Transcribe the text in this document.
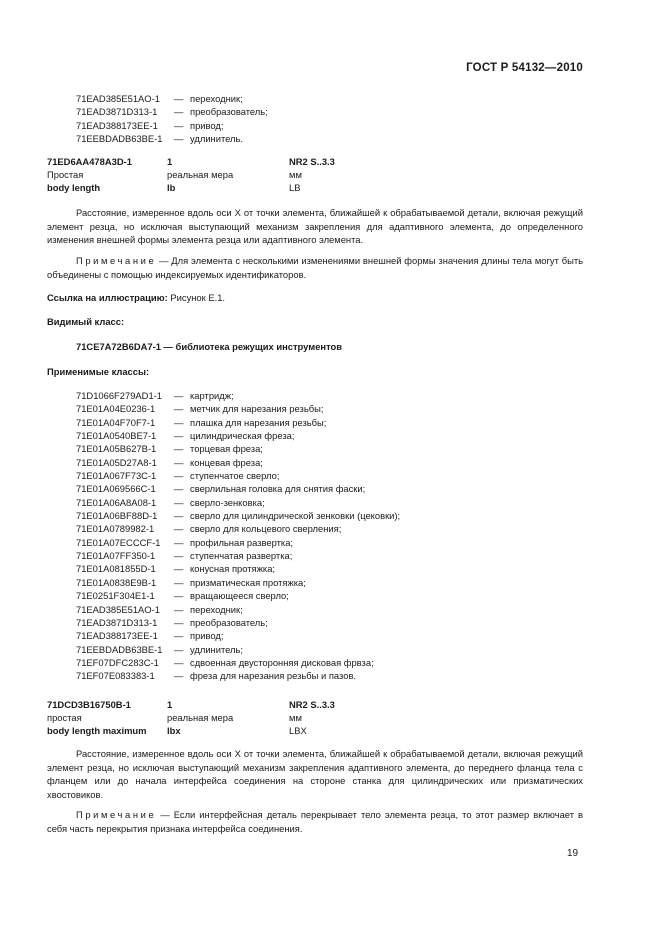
ГОСТ Р 54132—2010
71EAD385E51AO-1	— переходник;
71EAD3871D313-1	— преобразователь;
71EAD388173EE-1	— привод;
71EEBDADB63BE-1	— удлинитель.
71ED6AA478A3D-1	1	NR2 S..3.3
Простая	реальная мера	мм
body length	lb	LB

Расстояние, измеренное вдоль оси X от точки элемента, ближайшей к обрабатываемой детали, включая режущий элемент резца, но исключая выступающий механизм закрепления для адаптивного элемента, до определенного изменения внешней формы элемента резца или адаптивного элемента.

Примечание — Для элемента с несколькими изменениями внешней формы значения длины тела могут быть объединены с помощью индексируемых идентификаторов.

Ссылка на иллюстрацию: Рисунок Е.1.
Видимый класс:
71CE7A72B6DA7-1 — библиотека режущих инструментов
Применимые классы:
71D1066F279AD1-1	— картридж;
71E01A04E0236-1	— метчик для нарезания резьбы;
71E01A04F70F7-1	— плашка для нарезания резьбы;
71E01A0540BE7-1	— цилиндрическая фреза;
71E01A05B627B-1	— торцевая фреза;
71E01A05D27A8-1	— концевая фреза;
71E01A067F73C-1	— ступенчатое сверло;
71E01A069566C-1	— сверлильная головка для снятия фаски;
71E01A06A8A08-1	— сверло-зенковка;
71E01A06BF88D-1	— сверло для цилиндрической зенковки (цековки);
71E01A0789982-1	— сверло для кольцевого сверления;
71E01A07ECCCF-1	— профильная развертка;
71E01A07FF350-1	— ступенчатая развертка;
71E01A081855D-1	— конусная протяжка;
71E01A0838E9B-1	— призматическая протяжка;
71E0251F304E1-1	— вращающееся сверло;
71EAD385E51AO-1	— переходник;
71EAD3871D313-1	— преобразователь;
71EAD388173EE-1	— привод;
71EEBDADB63BE-1	— удлинитель;
71EF07DFC283C-1	— сдвоенная двусторонняя дисковая фрвза;
71EF07E083383-1	— фреза для нарезания резьбы и пазов.
71DCD3B16750B-1	1	NR2 S..3.3
простая	реальная мера	мм
body length maximum	lbx	LBX

Расстояние, измеренное вдоль оси X от точки элемента, ближайшей к обрабатываемой детали, включая режущий элемент резца, но исключая выступающий механизм закрепления адаптивного элемента, до переднего фланца тела с фланцем или до начала интерфейса соединения на стороне станка для цилиндрических или призматических хвостовиков.

Примечание — Если интерфейсная деталь перекрывает тело элемента резца, то этот размер включает в себя часть перекрытия признака интерфейса соединения.

19
